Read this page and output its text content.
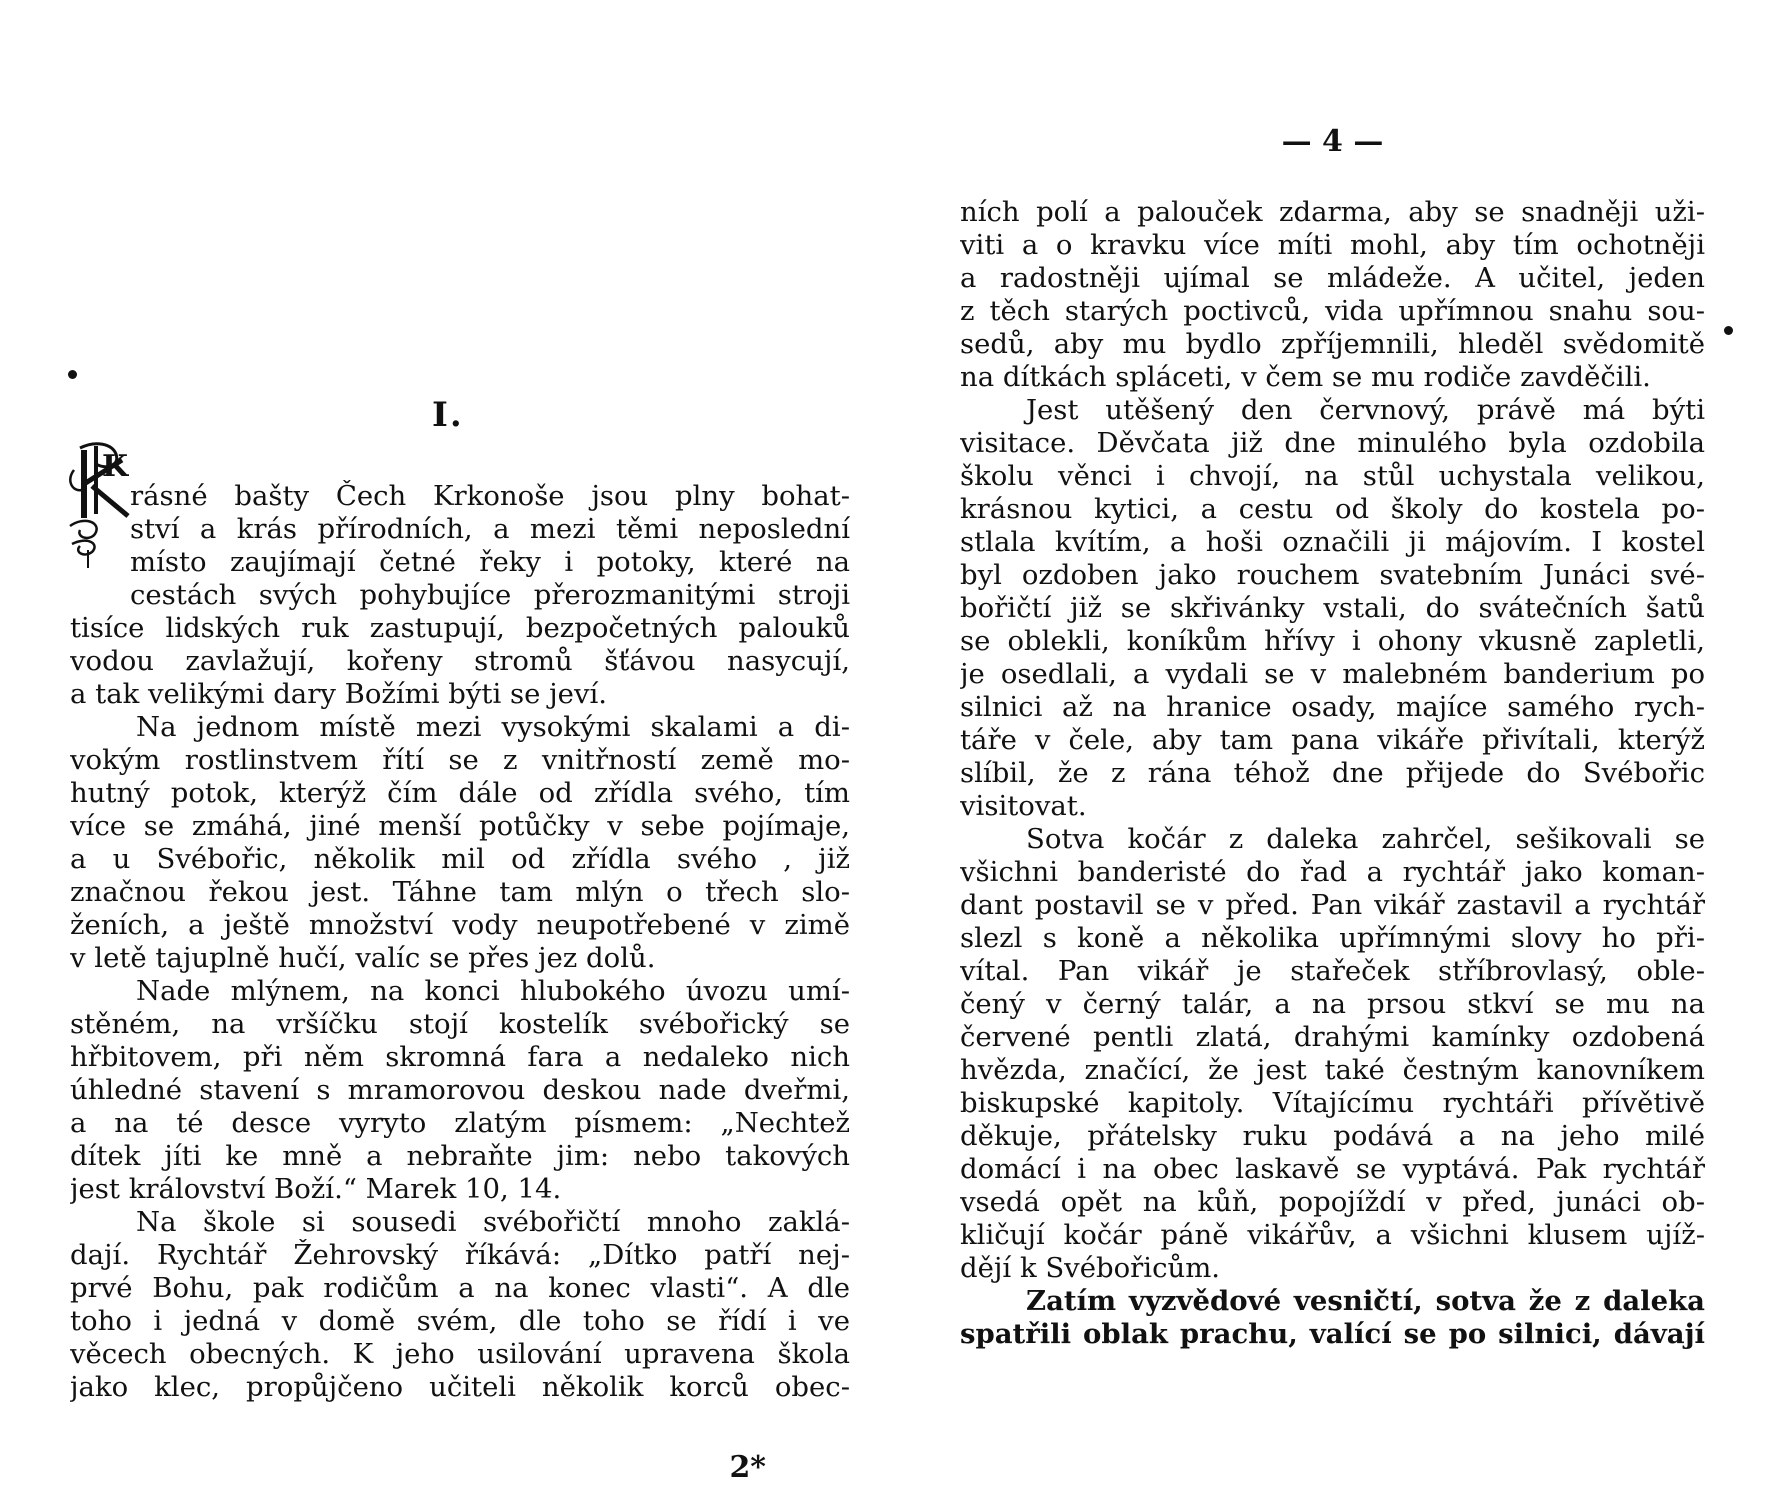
I.
K
rásné bašty Čech Krkonoše jsou plny bohat-
ství a krás přírodních, a mezi těmi neposlední
místo zaujímají četné řeky i potoky, které na
cestách svých pohybujíce přerozmanitými stroji
tisíce lidských ruk zastupují, bezpočetných palouků
vodou zavlažují, kořeny stromů šťávou nasycují,
a tak velikými dary Božími býti se jeví.
Na jednom místě mezi vysokými skalami a di-
vokým rostlinstvem řítí se z vnitřností země mo-
hutný potok, kterýž čím dále od zřídla svého, tím
více se zmáhá, jiné menší potůčky v sebe pojímaje,
a u Svébořic, několik mil od zřídla svého , již
značnou řekou jest. Táhne tam mlýn o třech slo-
ženích, a ještě množství vody neupotřebené v zimě
v letě tajuplně hučí, valíc se přes jez dolů.
Nade mlýnem, na konci hlubokého úvozu umí-
stěném, na vršíčku stojí kostelík svébořický se
hřbitovem, při něm skromná fara a nedaleko nich
úhledné stavení s mramorovou deskou nade dveřmi,
a na té desce vyryto zlatým písmem: „Nechtež
dítek jíti ke mně a nebraňte jim: nebo takových
jest království Boží.“ Marek 10, 14.
Na škole si sousedi svébořičtí mnoho zaklá-
dají. Rychtář Žehrovský říkává: „Dítko patří nej-
prvé Bohu, pak rodičům a na konec vlasti“. A dle
toho i jedná v domě svém, dle toho se řídí i ve
věcech obecných. K jeho usilování upravena škola
jako klec, propůjčeno učiteli několik korců obec-
2*
— 4 —
ních polí a palouček zdarma, aby se snadněji uži-
viti a o kravku více míti mohl, aby tím ochotněji
a radostněji ujímal se mládeže. A učitel, jeden
z těch starých poctivců, vida upřímnou snahu sou-
sedů, aby mu bydlo zpříjemnili, hleděl svědomitě
na dítkách spláceti, v čem se mu rodiče zavděčili.
Jest utěšený den červnový, právě má býti
visitace. Děvčata již dne minulého byla ozdobila
školu věnci i chvojí, na stůl uchystala velikou,
krásnou kytici, a cestu od školy do kostela po-
stlala kvítím, a hoši označili ji májovím. I kostel
byl ozdoben jako rouchem svatebním Junáci své-
bořičtí již se skřivánky vstali, do svátečních šatů
se oblekli, koníkům hřívy i ohony vkusně zapletli,
je osedlali, a vydali se v malebném banderium po
silnici až na hranice osady, majíce samého rych-
táře v čele, aby tam pana vikáře přivítali, kterýž
slíbil, že z rána téhož dne přijede do Svébořic
visitovat.
Sotva kočár z daleka zahrčel, sešikovali se
všichni banderisté do řad a rychtář jako koman-
dant postavil se v před. Pan vikář zastavil a rychtář
slezl s koně a několika upřímnými slovy ho při-
vítal. Pan vikář je stařeček stříbrovlasý, oble-
čený v černý talár, a na prsou stkví se mu na
červené pentli zlatá, drahými kamínky ozdobená
hvězda, značící, že jest také čestným kanovníkem
biskupské kapitoly. Vítajícímu rychtáři přívětivě
děkuje, přátelsky ruku podává a na jeho milé
domácí i na obec laskavě se vyptává. Pak rychtář
vsedá opět na kůň, popojíždí v před, junáci ob-
kličují kočár páně vikářův, a všichni klusem ujíž-
dějí k Svébořicům.
Zatím vyzvědové vesničtí, sotva že z daleka
spatřili oblak prachu, valící se po silnici, dávají
